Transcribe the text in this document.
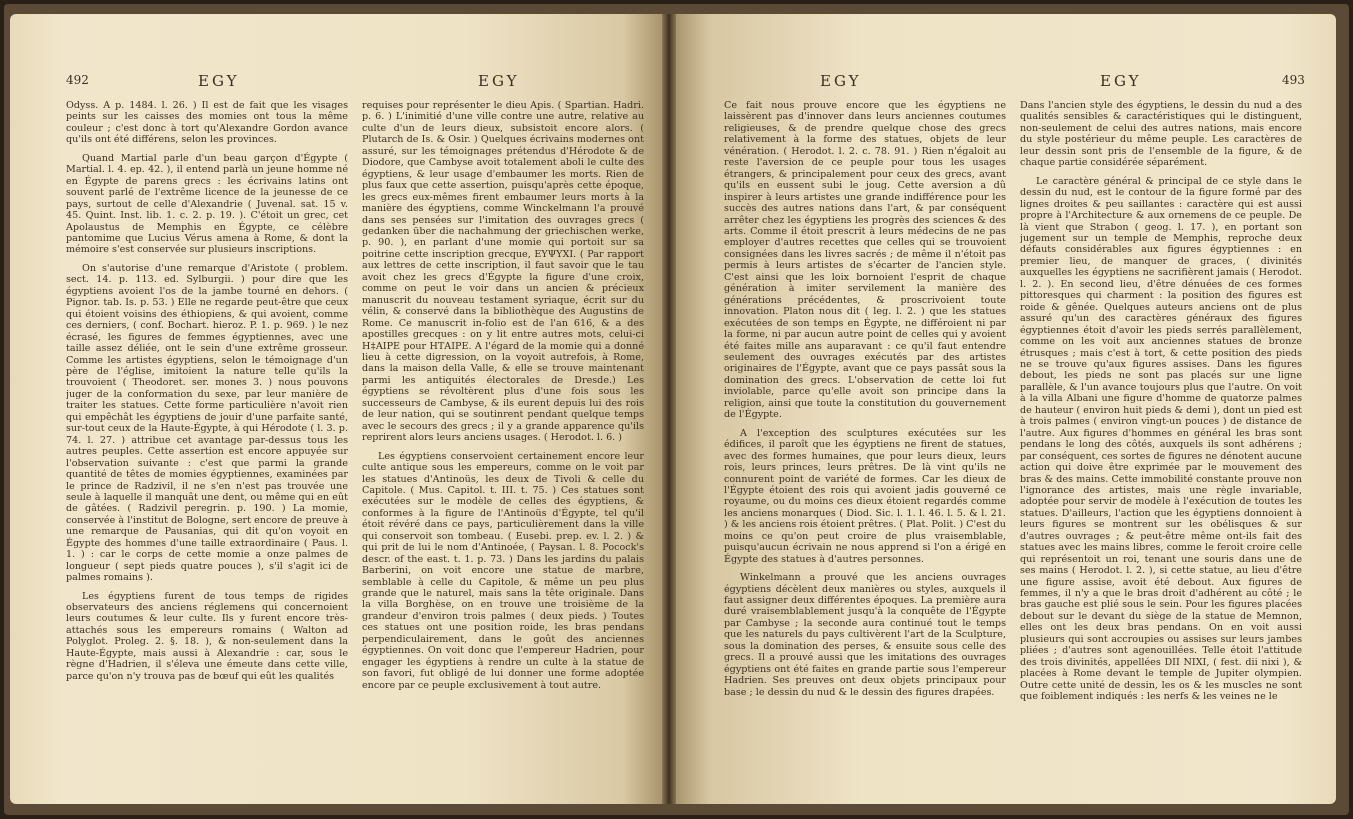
492	EGY	EGY

Odyss. A p. 1484. l. 26. ) Il est de fait que les visages peints sur les caisses des momies ont tous la même couleur ; c'est donc à tort qu'Alexandre Gordon avance qu'ils ont été différens, selon les provinces.

Quand Martial parle d'un beau garçon d'Égypte ( Martial. l. 4. ep. 42. ), il entend parlà un jeune homme né en Égypte de parens grecs : les écrivains latins ont souvent parlé de l'extrême licence de la jeunesse de ce pays, surtout de celle d'Alexandrie ( Juvenal. sat. 15 v. 45. Quint. Inst. lib. 1. c. 2. p. 19. ). C'étoit un grec, cet Apolaustus de Memphis en Égypte, ce célèbre pantomime que Lucius Vérus amena à Rome, & dont la mémoire s'est conservée sur plusieurs inscriptions.

On s'autorise d'une remarque d'Aristote ( problem. sect. 14. p. 113. ed. Sylburgii. ) pour dire que les égyptiens avoient l'os de la jambe tourné en dehors. ( Pignor. tab. Is. p. 53. ) Elle ne regarde peut-être que ceux qui étoient voisins des éthiopiens, & qui avoient, comme ces derniers, ( conf. Bochart. hieroz. P. 1. p. 969. ) le nez écrasé, les figures de femmes égyptiennes, avec une taille assez déliée, ont le sein d'une extrême grosseur. Comme les artistes égyptiens, selon le témoignage d'un père de l'église, imitoient la nature telle qu'ils la trouvoient ( Theodoret. ser. mones 3. ) nous pouvons juger de la conformation du sexe, par leur manière de traiter les statues. Cette forme particulière n'avoit rien qui empêchât les égyptiens de jouir d'une parfaite santé, sur-tout ceux de la Haute-Égypte, à qui Hérodote ( l. 3. p. 74. l. 27. ) attribue cet avantage par-dessus tous les autres peuples. Cette assertion est encore appuyée sur l'observation suivante : c'est que parmi la grande quantité de têtes de momies égyptiennes, examinées par le prince de Radzivil, il ne s'en n'est pas trouvée une seule à laquelle il manquât une dent, ou même qui en eût de gâtées. ( Radzivil peregrin. p. 190. ) La momie, conservée à l'institut de Bologne, sert encore de preuve à une remarque de Pausanias, qui dit qu'on voyoit en Égypte des hommes d'une taille extraordinaire ( Paus. l. 1. ) : car le corps de cette momie a onze palmes de longueur ( sept pieds quatre pouces ), s'il s'agit ici de palmes romains ).

Les égyptiens furent de tous temps de rigides observateurs des anciens réglemens qui concernoient leurs coutumes & leur culte. Ils y furent encore très-attachés sous les empereurs romains ( Walton ad Polyglot. Proleg. 2. §. 18. ), & non-seulement dans la Haute-Égypte, mais aussi à Alexandrie : car, sous le règne d'Hadrien, il s'éleva une émeute dans cette ville, parce qu'on n'y trouva pas de bœuf qui eût les qualités

requises pour représenter le dieu Apis. ( Spartian. Hadri. p. 6. ) L'inimitié d'une ville contre une autre, relative au culte d'un de leurs dieux, subsistoit encore alors. ( Plutarch de Is. & Osir. ) Quelques écrivains modernes ont assuré, sur les témoignages prétendus d'Hérodote & de Diodore, que Cambyse avoit totalement aboli le culte des égyptiens, & leur usage d'embaumer les morts. Rien de plus faux que cette assertion, puisqu'après cette époque, les grecs eux-mêmes firent embaumer leurs morts à la manière des égyptiens, comme Winckelmann l'a prouvé dans ses pensées sur l'imitation des ouvrages grecs ( gedanken über die nachahmung der griechischen werke, p. 90. ), en parlant d'une momie qui portoit sur sa poitrine cette inscription grecque, ΕΥΨΥΧΙ. ( Par rapport aux lettres de cette inscription, il faut savoir que le tau avoit chez les grecs d'Égypte la figure d'une croix, comme on peut le voir dans un ancien & précieux manuscrit du nouveau testament syriaque, écrit sur du vélin, & conservé dans la bibliothèque des Augustins de Rome. Ce manuscrit in-folio est de l'an 616, & a des apostilles grecques : on y lit entre autres mots, celui-ci Η‡ΑΙΡΕ pour ΗΤΑΙΡΕ. A l'égard de la momie qui a donné lieu à cette digression, on la voyoit autrefois, à Rome, dans la maison della Valle, & elle se trouve maintenant parmi les antiquités électorales de Dresde.) Les égyptiens se révoltèrent plus d'une fois sous les successeurs de Cambyse, & ils eurent depuis lui des rois de leur nation, qui se soutinrent pendant quelque temps avec le secours des grecs ; il y a grande apparence qu'ils reprirent alors leurs anciens usages. ( Herodot. l. 6. )

Les égyptiens conservoient certainement encore leur culte antique sous les empereurs, comme on le voit par les statues d'Antinoüs, les deux de Tivoli & celle du Capitole. ( Mus. Capitol. t. III. t. 75. ) Ces statues sont exécutées sur le modèle de celles des égyptiens, & conformes à la figure de l'Antinoüs d'Égypte, tel qu'il étoit révéré dans ce pays, particulièrement dans la ville qui conservoit son tombeau. ( Eusebi. prep. ev. l. 2. ) & qui prit de lui le nom d'Antinoée, ( Paysan. l. 8. Pocock's descr. of the east. t. 1. p. 73. ) Dans les jardins du palais Barberini, on voit encore une statue de marbre, semblable à celle du Capitole, & même un peu plus grande que le naturel, mais sans la tête originale. Dans la villa Borghèse, on en trouve une troisième de la grandeur d'environ trois palmes ( deux pieds. ) Toutes ces statues ont une position roide, les bras pendans perpendiculairement, dans le goût des anciennes égyptiennes. On voit donc que l'empereur Hadrien, pour engager les égyptiens à rendre un culte à la statue de son favori, fut obligé de lui donner une forme adoptée encore par ce peuple exclusivement à tout autre.

EGY	EGY	493

Ce fait nous prouve encore que les égyptiens ne laissèrent pas d'innover dans leurs anciennes coutumes religieuses, & de prendre quelque chose des grecs relativement à la forme des statues, objets de leur vénération. ( Herodot. l. 2. c. 78. 91. ) Rien n'égaloit au reste l'aversion de ce peuple pour tous les usages étrangers, & principalement pour ceux des grecs, avant qu'ils en eussent subi le joug. Cette aversion a dû inspirer à leurs artistes une grande indifférence pour les succès des autres nations dans l'art, & par conséquent arrêter chez les égyptiens les progrès des sciences & des arts. Comme il étoit prescrit à leurs médecins de ne pas employer d'autres recettes que celles qui se trouvoient consignées dans les livres sacrés ; de même il n'étoit pas permis à leurs artistes de s'écarter de l'ancien style. C'est ainsi que les loix bornoient l'esprit de chaque génération à imiter servilement la manière des générations précédentes, & proscrivoient toute innovation. Platon nous dit ( leg. l. 2. ) que les statues exécutées de son temps en Égypte, ne différoient ni par la forme, ni par aucun autre point de celles qui y avoient été faites mille ans auparavant : ce qu'il faut entendre seulement des ouvrages exécutés par des artistes originaires de l'Égypte, avant que ce pays passât sous la domination des grecs. L'observation de cette loi fut inviolable, parce qu'elle avoit son principe dans la religion, ainsi que toute la constitution du gouvernement de l'Égypte.

A l'exception des sculptures exécutées sur les édifices, il paroît que les égyptiens ne firent de statues, avec des formes humaines, que pour leurs dieux, leurs rois, leurs princes, leurs prêtres. De là vint qu'ils ne connurent point de variété de formes. Car les dieux de l'Égypte étoient des rois qui avoient jadis gouverné ce royaume, ou du moins ces dieux étoient regardés comme les anciens monarques ( Diod. Sic. l. 1. l. 46. l. 5. & l. 21. ) & les anciens rois étoient prêtres. ( Plat. Polit. ) C'est du moins ce qu'on peut croire de plus vraisemblable, puisqu'aucun écrivain ne nous apprend si l'on a érigé en Égypte des statues à d'autres personnes.

Winkelmann a prouvé que les anciens ouvrages égyptiens décèlent deux manières ou styles, auxquels il faut assigner deux différentes époques. La première aura duré vraisemblablement jusqu'à la conquête de l'Égypte par Cambyse ; la seconde aura continué tout le temps que les naturels du pays cultivèrent l'art de la Sculpture, sous la domination des perses, & ensuite sous celle des grecs. Il a prouvé aussi que les imitations des ouvrages égyptiens ont été faites en grande partie sous l'empereur Hadrien. Ses preuves ont deux objets principaux pour base ; le dessin du nud & le dessin des figures drapées.

Dans l'ancien style des égyptiens, le dessin du nud a des qualités sensibles & caractéristiques qui le distinguent, non-seulement de celui des autres nations, mais encore du style postérieur du même peuple. Les caractères de leur dessin sont pris de l'ensemble de la figure, & de chaque partie considérée séparément.

Le caractère général & principal de ce style dans le dessin du nud, est le contour de la figure formé par des lignes droites & peu saillantes : caractère qui est aussi propre à l'Architecture & aux ornemens de ce peuple. De là vient que Strabon ( geog. l. 17. ), en portant son jugement sur un temple de Memphis, reproche deux défauts considérables aux figures égyptiennes : en premier lieu, de manquer de graces, ( divinités auxquelles les égyptiens ne sacrifièrent jamais ( Herodot. l. 2. ). En second lieu, d'être dénuées de ces formes pittoresques qui charment : la position des figures est roide & gênée. Quelques auteurs anciens ont de plus assuré qu'un des caractères généraux des figures égyptiennes étoit d'avoir les pieds serrés parallèlement, comme on les voit aux anciennes statues de bronze étrusques ; mais c'est à tort, & cette position des pieds ne se trouve qu'aux figures assises. Dans les figures debout, les pieds ne sont pas placés sur une ligne parallèle, & l'un avance toujours plus que l'autre. On voit à la villa Albani une figure d'homme de quatorze palmes de hauteur ( environ huit pieds & demi ), dont un pied est à trois palmes ( environ vingt-un pouces ) de distance de l'autre. Aux figures d'hommes en général les bras sont pendans le long des côtés, auxquels ils sont adhérens ; par conséquent, ces sortes de figures ne dénotent aucune action qui doive être exprimée par le mouvement des bras & des mains. Cette immobilité constante prouve non l'ignorance des artistes, mais une règle invariable, adoptée pour servir de modèle à l'exécution de toutes les statues. D'ailleurs, l'action que les égyptiens donnoient à leurs figures se montrent sur les obélisques & sur d'autres ouvrages ; & peut-être même ont-ils fait des statues avec les mains libres, comme le feroit croire celle qui représentoit un roi, tenant une souris dans une de ses mains ( Herodot. l. 2. ), si cette statue, au lieu d'être une figure assise, avoit été debout. Aux figures de femmes, il n'y a que le bras droit d'adhérent au côté ; le bras gauche est plié sous le sein. Pour les figures placées debout sur le devant du siège de la statue de Memnon, elles ont les deux bras pendans. On en voit aussi plusieurs qui sont accroupies ou assises sur leurs jambes pliées ; d'autres sont agenouillées. Telle étoit l'attitude des trois divinités, appellées DII NIXI, ( fest. dii nixi ), & placées à Rome devant le temple de Jupiter olympien. Outre cette unité de dessin, les os & les muscles ne sont que foiblement indiqués : les nerfs & les veines ne le
